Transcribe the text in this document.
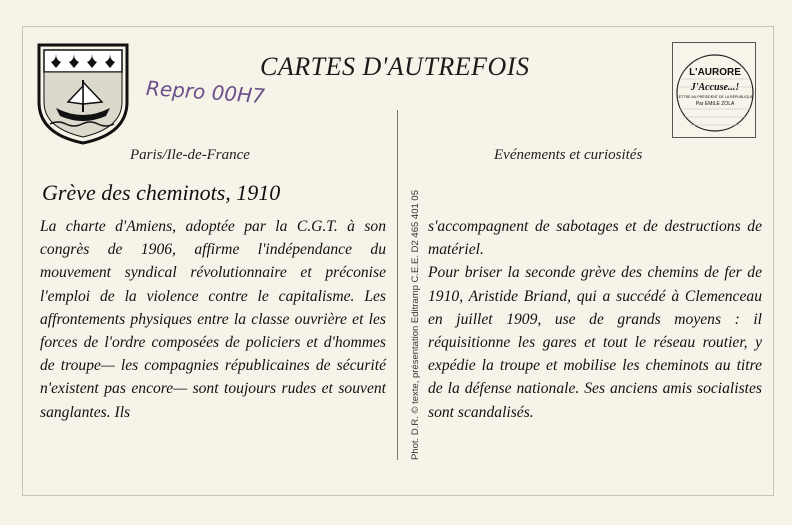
Repro 00H7
CARTES D'AUTREFOIS	L'AURORE
J'Accuse...!
LETTRE AU PRÉSIDENT DE LA RÉPUBLIQUE
Par EMILE ZOLA
Paris/Ile-de-France	Evénements et curiosités
Grève des cheminots, 1910

La charte d'Amiens, adoptée par la C.G.T. à son congrès de 1906, affirme l'indépendance du mouvement syndical révolutionnaire et préconise l'emploi de la violence contre le capitalisme. Les affrontements physiques entre la classe ouvrière et les forces de l'ordre composées de policiers et d'hommes de troupe— les compagnies républicaines de sécurité n'existent pas encore— sont toujours rudes et souvent sanglantes. Ils	Phot. D.R. © texte, présentation Editramp C.E.E. D2 465 401 05 s'accompagnent de sabotages et de destructions de matériel.

Pour briser la seconde grève des chemins de fer de 1910, Aristide Briand, qui a succédé à Clemenceau en juillet 1909, use de grands moyens : il réquisitionne les gares et tout le réseau routier, y expédie la troupe et mobilise les cheminots au titre de la défense nationale. Ses anciens amis socialistes sont scandalisés.
